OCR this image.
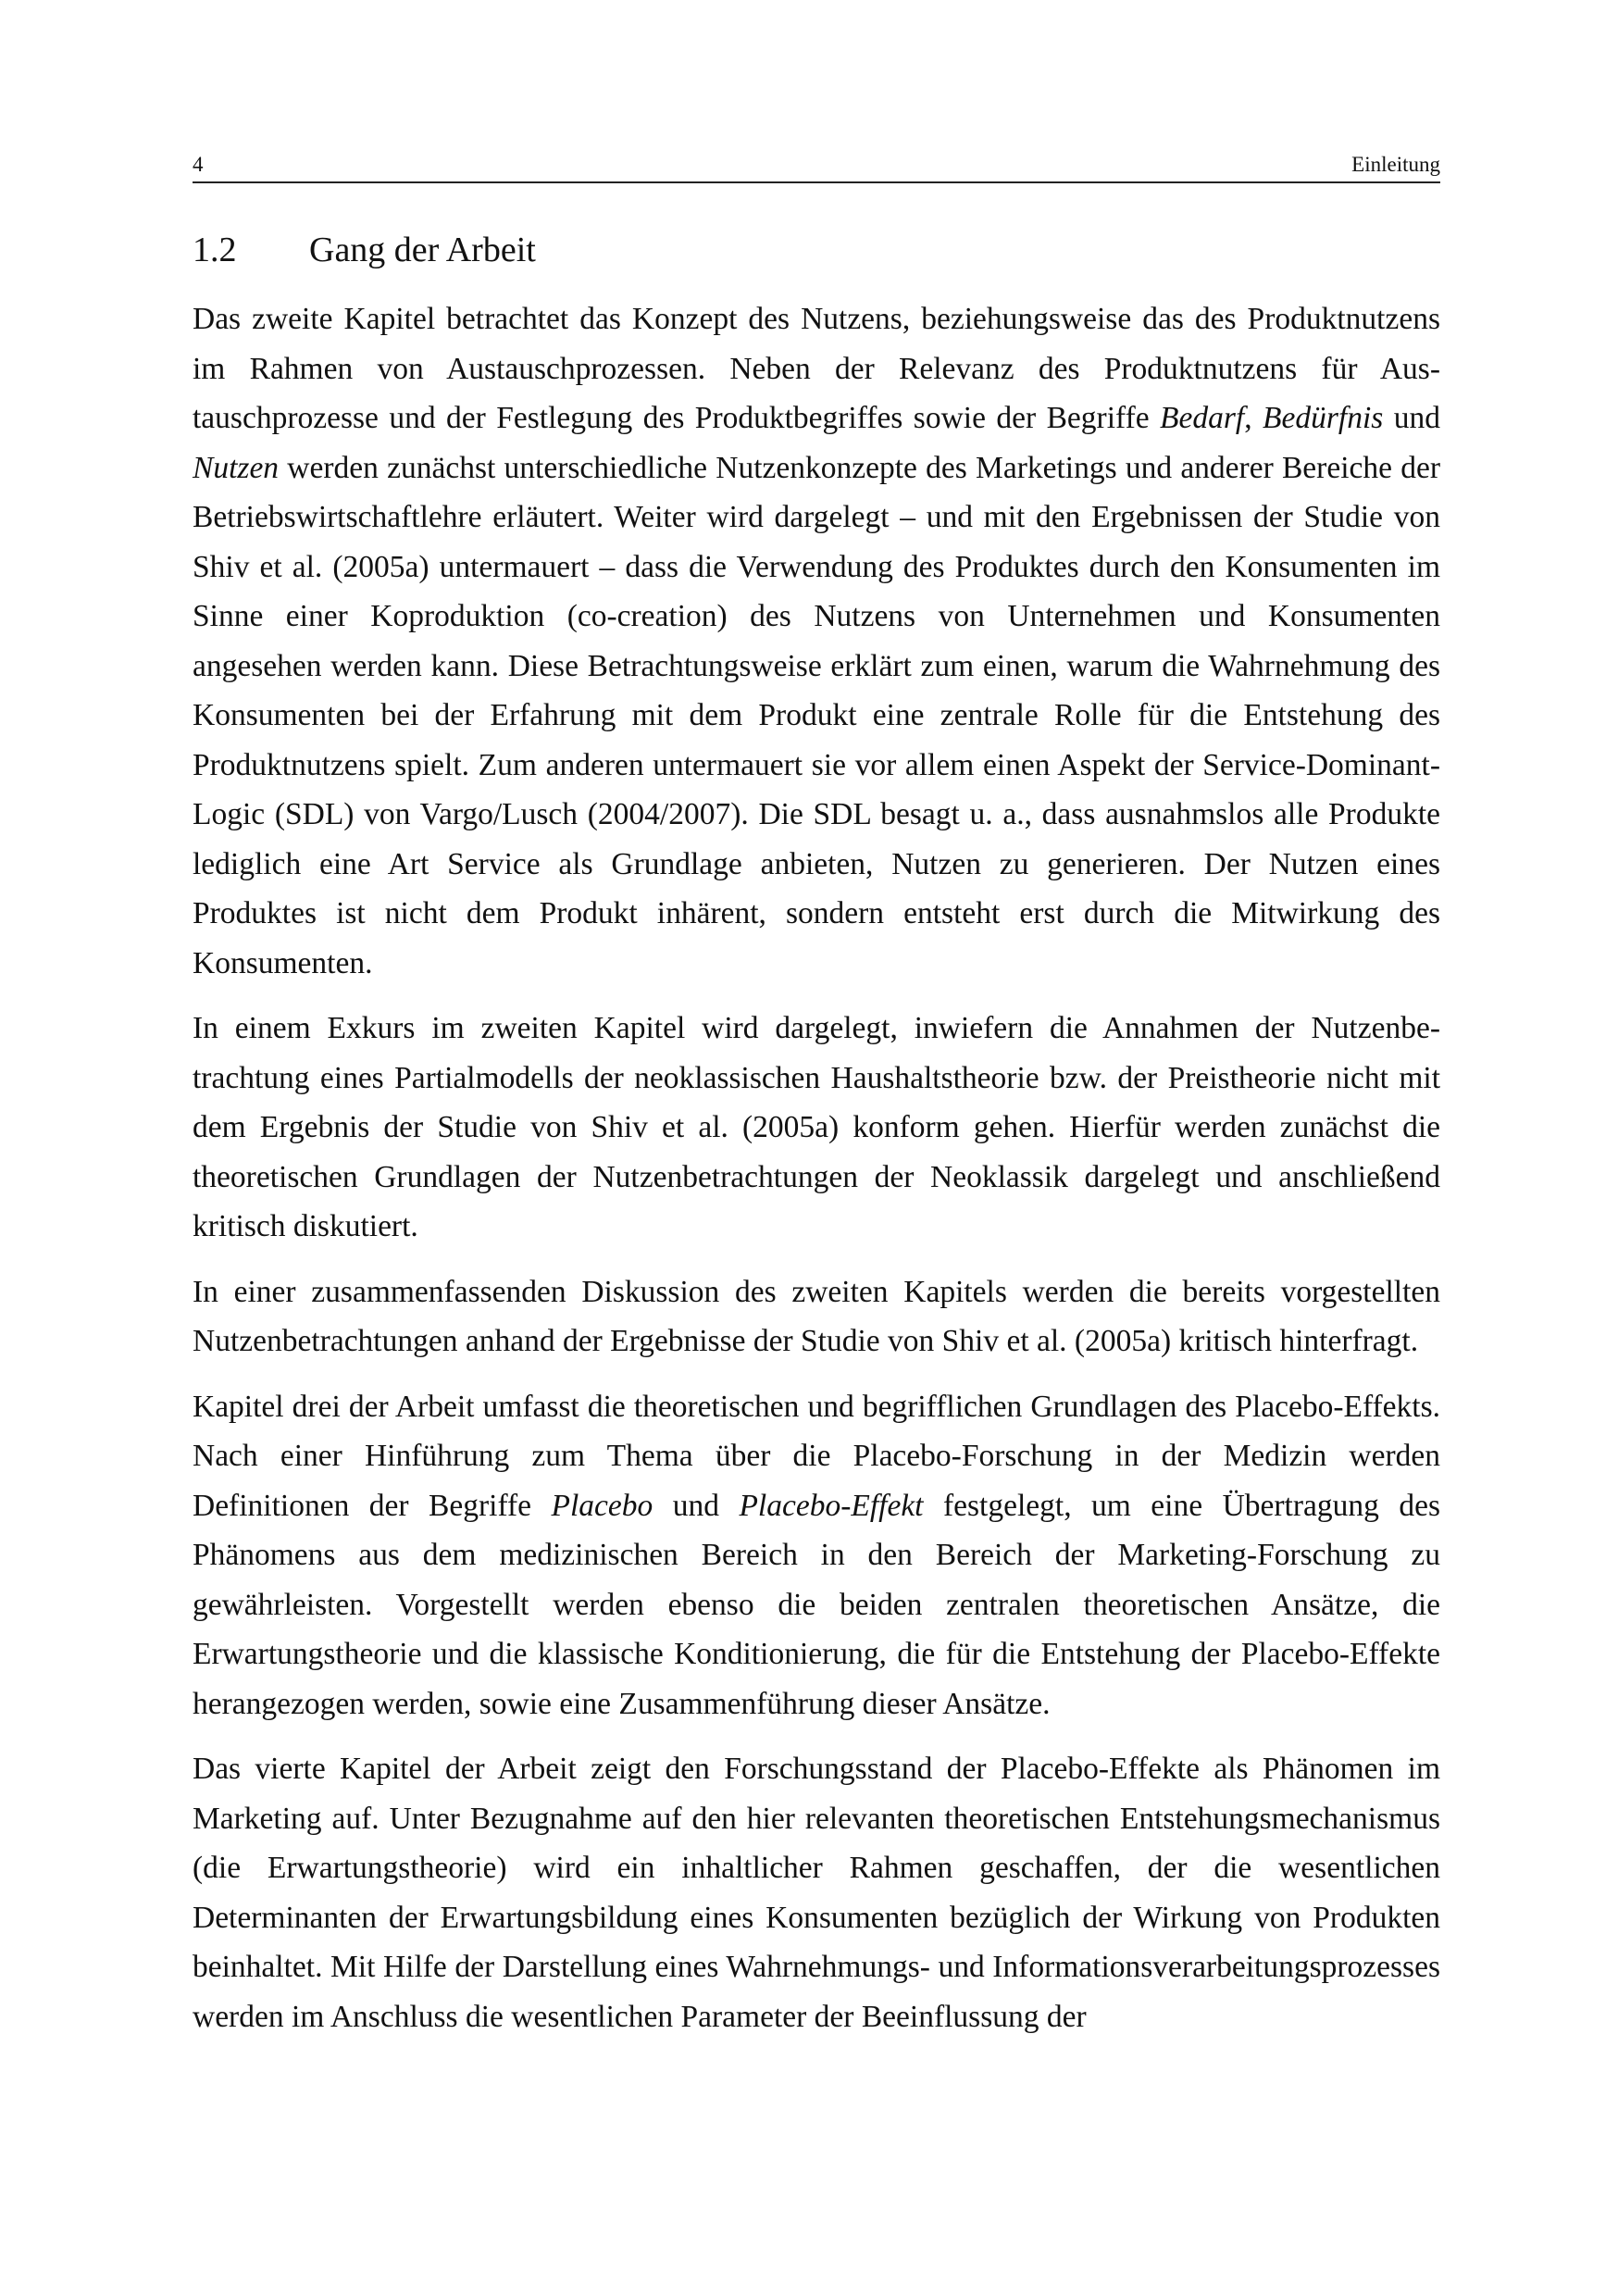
4	Einleitung
1.2 Gang der Arbeit

Das zweite Kapitel betrachtet das Konzept des Nutzens, beziehungsweise das des Produktnutzens im Rahmen von Austauschprozessen. Neben der Relevanz des Produktnutzens für Austauschprozesse und der Festlegung des Produktbegriffes sowie der Begriffe Bedarf, Bedürfnis und Nutzen werden zunächst unterschiedliche Nutzenkonzepte des Marketings und anderer Bereiche der Betriebswirtschaftlehre erläutert. Weiter wird dargelegt – und mit den Ergebnissen der Studie von Shiv et al. (2005a) untermauert – dass die Verwendung des Produktes durch den Konsumenten im Sinne einer Koproduktion (co-creation) des Nutzens von Unternehmen und Konsumenten angesehen werden kann. Diese Betrachtungsweise erklärt zum einen, warum die Wahrnehmung des Konsumenten bei der Erfahrung mit dem Produkt eine zentrale Rolle für die Entstehung des Produktnutzens spielt. Zum anderen untermauert sie vor allem einen Aspekt der Service-Dominant-Logic (SDL) von Vargo/Lusch (2004/2007). Die SDL besagt u. a., dass ausnahmslos alle Produkte lediglich eine Art Service als Grundlage anbieten, Nutzen zu generieren. Der Nutzen eines Produktes ist nicht dem Produkt inhärent, sondern entsteht erst durch die Mitwirkung des Konsumenten.

In einem Exkurs im zweiten Kapitel wird dargelegt, inwiefern die Annahmen der Nutzenbetrachtung eines Partialmodells der neoklassischen Haushaltstheorie bzw. der Preistheorie nicht mit dem Ergebnis der Studie von Shiv et al. (2005a) konform gehen. Hierfür werden zunächst die theoretischen Grundlagen der Nutzenbetrachtungen der Neoklassik dargelegt und anschließend kritisch diskutiert.

In einer zusammenfassenden Diskussion des zweiten Kapitels werden die bereits vorgestellten Nutzenbetrachtungen anhand der Ergebnisse der Studie von Shiv et al. (2005a) kritisch hinterfragt.

Kapitel drei der Arbeit umfasst die theoretischen und begrifflichen Grundlagen des Placebo-Effekts. Nach einer Hinführung zum Thema über die Placebo-Forschung in der Medizin werden Definitionen der Begriffe Placebo und Placebo-Effekt festgelegt, um eine Übertragung des Phänomens aus dem medizinischen Bereich in den Bereich der Marketing-Forschung zu gewährleisten. Vorgestellt werden ebenso die beiden zentralen theoretischen Ansätze, die Erwartungstheorie und die klassische Konditionierung, die für die Entstehung der Placebo-Effekte herangezogen werden, sowie eine Zusammenführung dieser Ansätze.

Das vierte Kapitel der Arbeit zeigt den Forschungsstand der Placebo-Effekte als Phänomen im Marketing auf. Unter Bezugnahme auf den hier relevanten theoretischen Entstehungsmechanismus (die Erwartungstheorie) wird ein inhaltlicher Rahmen geschaffen, der die wesentlichen Determinanten der Erwartungsbildung eines Konsumenten bezüglich der Wirkung von Produkten beinhaltet. Mit Hilfe der Darstellung eines Wahrnehmungs- und Informationsverarbeitungsprozesses werden im Anschluss die wesentlichen Parameter der Beeinflussung der
